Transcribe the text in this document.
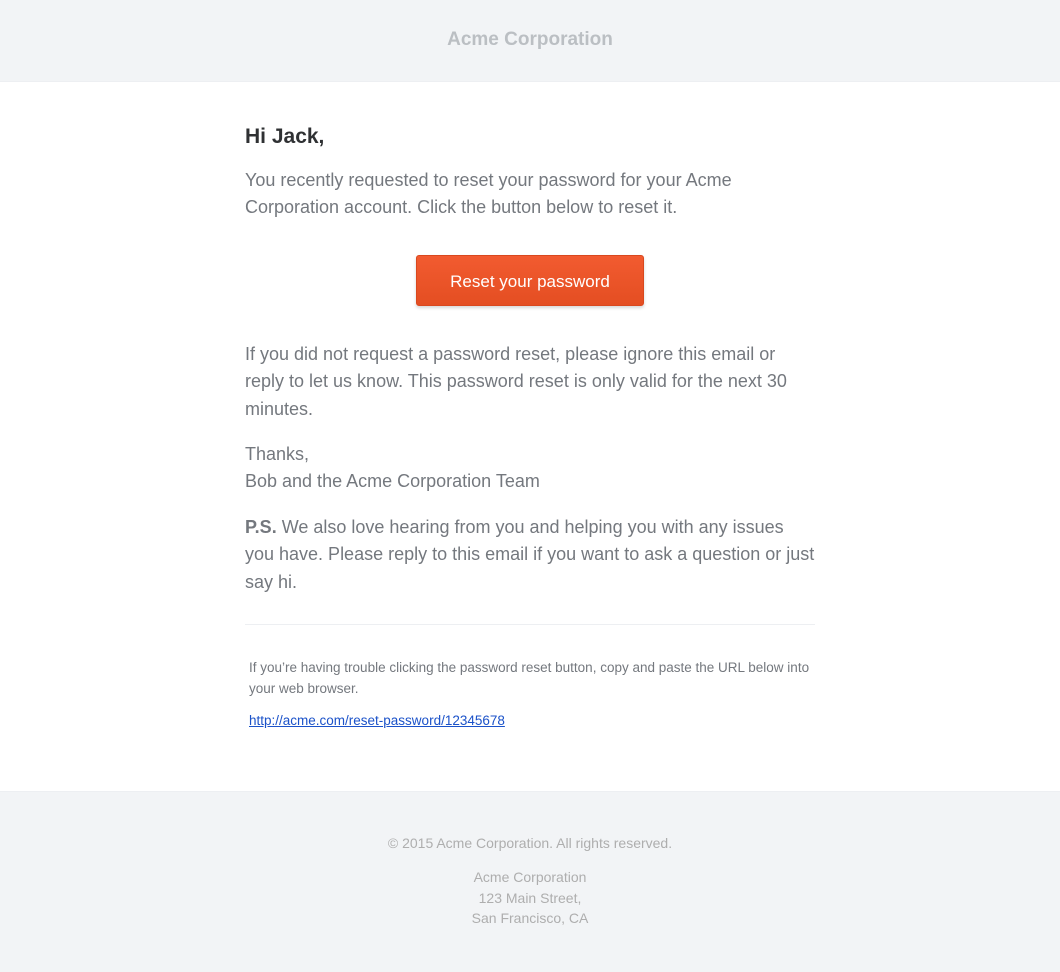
Acme Corporation
Hi Jack,

You recently requested to reset your password for your Acme Corporation account. Click the button below to reset it.

Reset your password

If you did not request a password reset, please ignore this email or reply to let us know. This password reset is only valid for the next 30 minutes.

Thanks,
Bob and the Acme Corporation Team

P.S. We also love hearing from you and helping you with any issues you have. Please reply to this email if you want to ask a question or just say hi.

If you’re having trouble clicking the password reset button, copy and paste the URL below into your web browser.

http://acme.com/reset-password/12345678

© 2015 Acme Corporation. All rights reserved.

Acme Corporation
123 Main Street,
San Francisco, CA
